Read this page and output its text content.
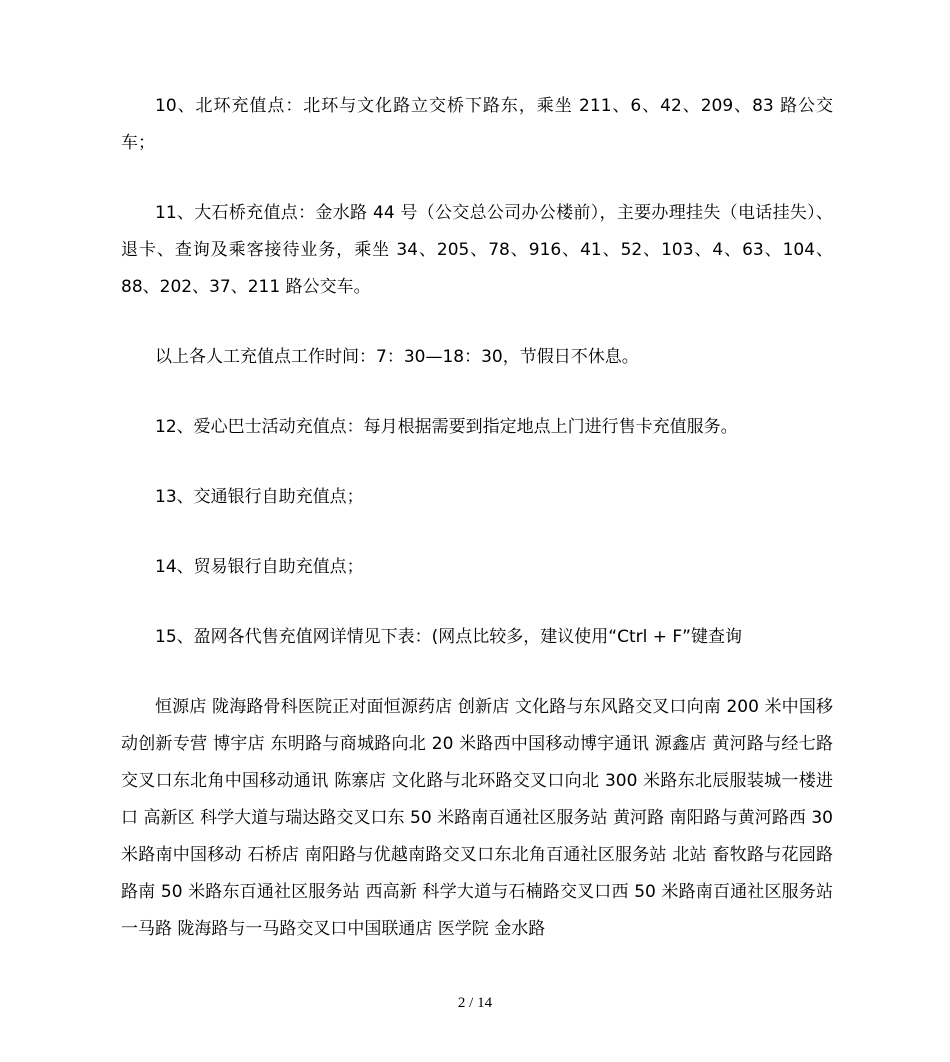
10、北环充值点：北环与文化路立交桥下路东，乘坐 211、6、42、209、83 路公交车；

11、大石桥充值点：金水路 44 号（公交总公司办公楼前），主要办理挂失（电话挂失）、退卡、查询及乘客接待业务，乘坐 34、205、78、916、41、52、103、4、63、104、88、202、37、211 路公交车。

以上各人工充值点工作时间：7：30—18：30，节假日不休息。

12、爱心巴士活动充值点：每月根据需要到指定地点上门进行售卡充值服务。

13、交通银行自助充值点；

14、贸易银行自助充值点；

15、盈网各代售充值网详情见下表：(网点比较多，建议使用“Ctrl + F”键查询

恒源店 陇海路骨科医院正对面恒源药店 创新店 文化路与东风路交叉口向南 200 米中国移动创新专营 博宇店 东明路与商城路向北 20 米路西中国移动博宇通讯 源鑫店 黄河路与经七路交叉口东北角中国移动通讯 陈寨店 文化路与北环路交叉口向北 300 米路东北辰服装城一楼进口 高新区 科学大道与瑞达路交叉口东 50 米路南百通社区服务站 黄河路 南阳路与黄河路西 30 米路南中国移动 石桥店 南阳路与优越南路交叉口东北角百通社区服务站 北站 畜牧路与花园路路南 50 米路东百通社区服务站 西高新 科学大道与石楠路交叉口西 50 米路南百通社区服务站 一马路 陇海路与一马路交叉口中国联通店 医学院 金水路

2 / 14
